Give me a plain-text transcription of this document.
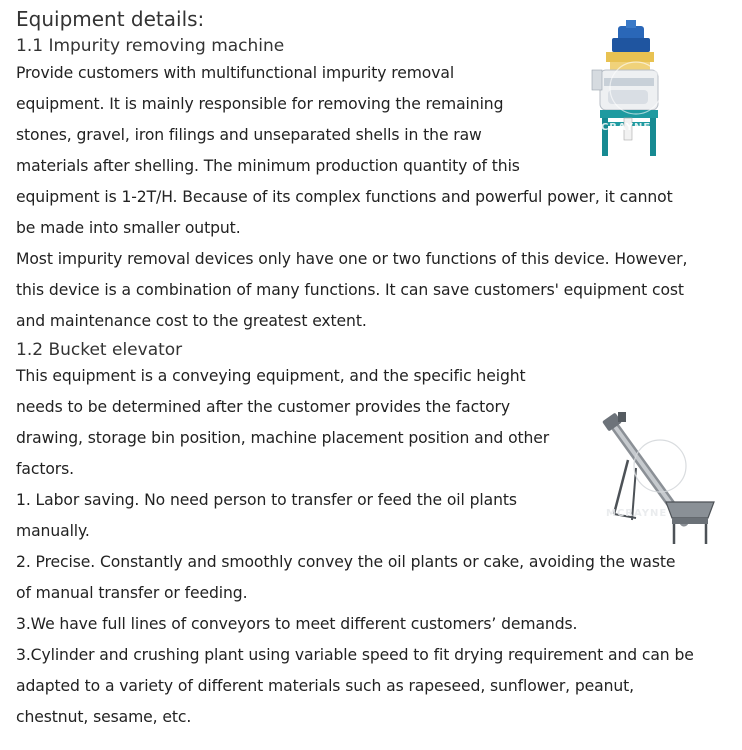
Equipment details:
1.1 Impurity removing machine

Provide customers with multifunctional impurity removal

equipment. It is mainly responsible for removing the remaining

stones, gravel, iron filings and unseparated shells in the raw

materials after shelling. The minimum production quantity of this

equipment is 1-2T/H. Because of its complex functions and powerful power, it cannot

be made into smaller output.

Most impurity removal devices only have one or two functions of this device. However,

this device is a combination of many functions. It can save customers' equipment cost

and maintenance cost to the greatest extent.

MCRAYNE
1.2 Bucket elevator

This equipment is a conveying equipment, and the specific height

needs to be determined after the customer provides the factory

drawing, storage bin position, machine placement position and other

factors.

1. Labor saving. No need person to transfer or feed the oil plants

manually.

2. Precise. Constantly and smoothly convey the oil plants or cake, avoiding the waste

of manual transfer or feeding.

3.We have full lines of conveyors to meet different customers’ demands.

3.Cylinder and crushing plant using variable speed to fit drying requirement and can be

adapted to a variety of different materials such as rapeseed, sunflower, peanut,

chestnut, sesame, etc.

MCRAYNE
